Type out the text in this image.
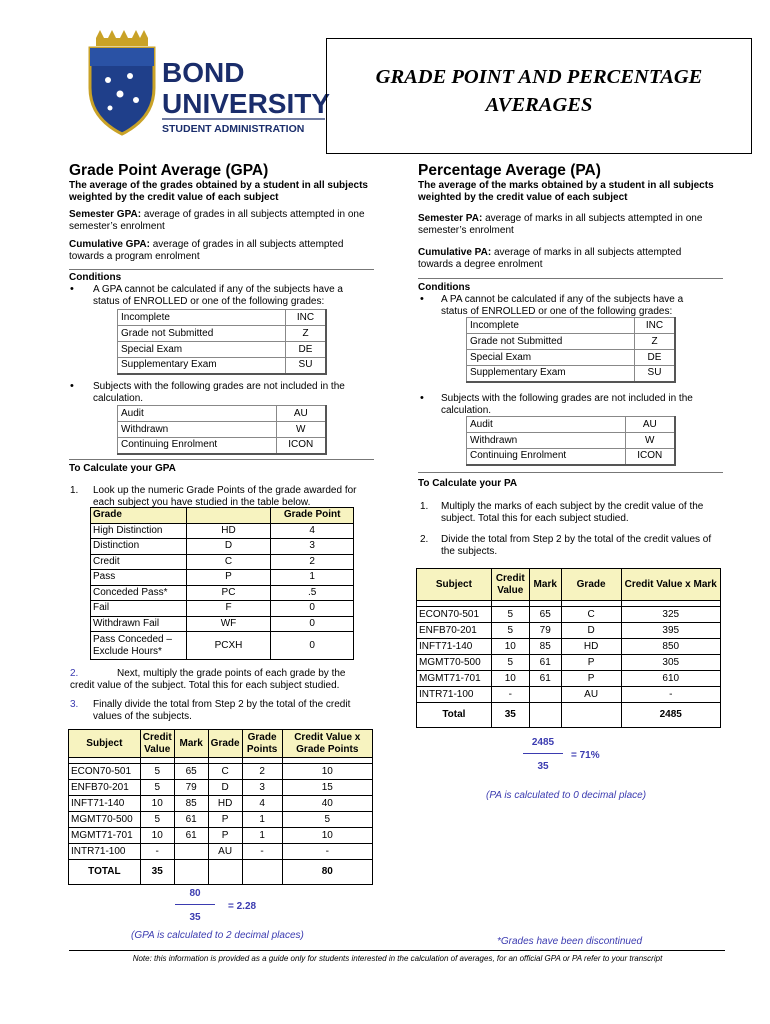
BOND
UNIVERSITY
STUDENT ADMINISTRATION
GRADE POINT AND PERCENTAGE
AVERAGES
Grade Point Average (GPA)
The average of the grades obtained by a student in all subjects weighted by the credit value of each subject
Semester GPA: average of grades in all subjects attempted in one semester’s enrolment
Cumulative GPA: average of grades in all subjects attempted towards a program enrolment
Conditions
• A GPA cannot be calculated if any of the subjects have a status of ENROLLED or one of the following grades:
Incomplete	INC
Grade not Submitted	Z
Special Exam	DE
Supplementary Exam	SU
• Subjects with the following grades are not included in the calculation.
Audit	AU
Withdrawn	W
Continuing Enrolment	ICON
To Calculate your GPA
1. Look up the numeric Grade Points of the grade awarded for each subject you have studied in the table below.
Grade		Grade Point
High Distinction	HD	4
Distinction	D	3
Credit	C	2
Pass	P	1
Conceded Pass*	PC	.5
Fail	F	0
Withdrawn Fail	WF	0
Pass Conceded – Exclude Hours*	PCXH	0
2.	Next, multiply the grade points of each grade by the credit value of the subject. Total this for each subject studied.
3. Finally divide the total from Step 2 by the total of the credit values of the subjects.
Subject	Credit Value	Mark	Grade	Grade Points	Credit Value x Grade Points

ECON70-501	5	65	C	2	10
ENFB70-201	5	79	D	3	15
INFT71-140	10	85	HD	4	40
MGMT70-500	5	61	P	1	5
MGMT71-701	10	61	P	1	10
INTR71-100	-		AU	-	-
TOTAL	35				80
80
= 2.28
35
(GPA is calculated to 2 decimal places)
Percentage Average (PA)
The average of the marks obtained by a student in all subjects weighted by the credit value of each subject
Semester PA: average of marks in all subjects attempted in one semester’s enrolment
Cumulative PA: average of marks in all subjects attempted towards a degree enrolment
Conditions
• A PA cannot be calculated if any of the subjects have a status of ENROLLED or one of the following grades:
Incomplete	INC
Grade not Submitted	Z
Special Exam	DE
Supplementary Exam	SU
• Subjects with the following grades are not included in the calculation.
Audit	AU
Withdrawn	W
Continuing Enrolment	ICON
To Calculate your PA
1. Multiply the marks of each subject by the credit value of the subject. Total this for each subject studied.
2. Divide the total from Step 2 by the total of the credit values of the subjects.
Subject	Credit Value	Mark	Grade	Credit Value x Mark

ECON70-501	5	65	C	325
ENFB70-201	5	79	D	395
INFT71-140	10	85	HD	850
MGMT70-500	5	61	P	305
MGMT71-701	10	61	P	610
INTR71-100	-		AU	-
Total	35			2485
2485
= 71%
35
(PA is calculated to 0 decimal place)
*Grades have been discontinued
Note: this information is provided as a guide only for students interested in the calculation of averages, for an official GPA or PA refer to your transcript
